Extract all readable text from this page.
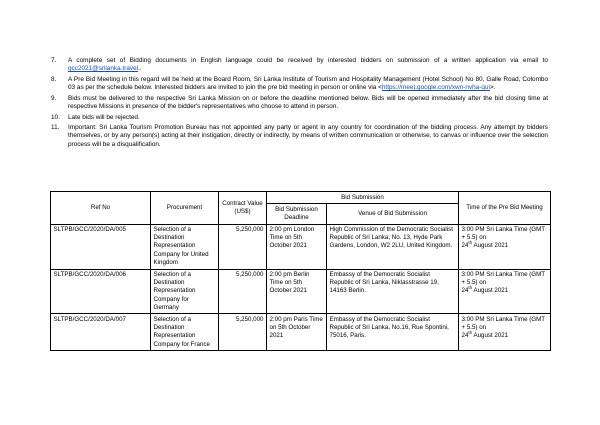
7. A complete set of Bidding documents in English language could be received by interested bidders on submission of a written application via email to gcc2021@srilanka.travel..
8. A Pre Bid Meeting in this regard will be held at the Board Room, Sri Lanka Institute of Tourism and Hospitality Management (Hotel School) No 80, Galle Road, Colombo 03 as per the schedule below. Interested bidders are invited to join the pre bid meeting in person or online via <https://meet.google.com/xwn-nvha-qui>.
9. Bids must be delivered to the respective Sri Lanka Mission on or before the deadline mentioned below. Bids will be opened immediately after the bid closing time at respective Missions in presence of the bidder's representatives who choose to attend in person.
10. Late bids will be rejected.
11. Important: Sri Lanka Tourism Promotion Bureau has not appointed any party or agent in any country for coordination of the bidding process. Any attempt by bidders themselves, or by any person(s) acting at their instigation, directly or indirectly, by means of written communication or otherwise, to canvas or influence over the selection process will be a disqualification.
Ref No	Procurement	Contract Value (US$)	Bid Submission		Time of the Pre Bid Meeting
			Bid Submission Deadline	Venue of Bid Submission	
SLTPB/GCC/2020/DA/005	Selection of a Destination Representation Company for United Kingdom	5,250,000	2:00 pm London Time on 5th October 2021	High Commission of the Democratic Socialist Republic of Sri Lanka, No. 13, Hyde Park Gardens, London, W2 2LU, United Kingdom.	3:00 PM Sri Lanka Time (GMT + 5.5) on
24th August 2021
SLTPB/GCC/2020/DA/006	Selection of a Destination Representation Company for Germany	5,250,000	2:00 pm Berlin Time on 5th October 2021	Embassy of the Democratic Socialist Republic of Sri Lanka, Niklasstrasse 19, 14163 Berlin.	3:00 PM Sri Lanka Time (GMT + 5.5) on
24th August 2021
SLTPB/GCC/2020/DA/007	Selection of a Destination Representation Company for France	5,250,000	2:00 pm Paris Time on 5th October 2021	Embassy of the Democratic Socialist Republic of Sri Lanka, No.16, Rue Spontini, 75016, Paris.	3:00 PM Sri Lanka Time (GMT + 5.5) on
24th August 2021
